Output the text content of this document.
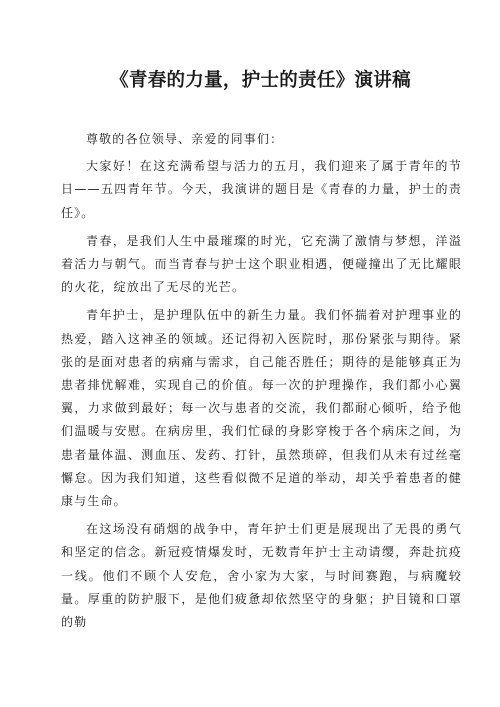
《青春的力量，护士的责任》演讲稿
尊敬的各位领导、亲爱的同事们：
大家好！在这充满希望与活力的五月，我们迎来了属于青年的节日——五四青年节。今天，我演讲的题目是《青春的力量，护士的责任》。
青春，是我们人生中最璀璨的时光，它充满了激情与梦想，洋溢着活力与朝气。而当青春与护士这个职业相遇，便碰撞出了无比耀眼的火花，绽放出了无尽的光芒。
青年护士，是护理队伍中的新生力量。我们怀揣着对护理事业的热爱，踏入这神圣的领域。还记得初入医院时，那份紧张与期待。紧张的是面对患者的病痛与需求，自己能否胜任；期待的是能够真正为患者排忧解难，实现自己的价值。每一次的护理操作，我们都小心翼翼，力求做到最好；每一次与患者的交流，我们都耐心倾听，给予他们温暖与安慰。在病房里，我们忙碌的身影穿梭于各个病床之间，为患者量体温、测血压、发药、打针，虽然琐碎，但我们从未有过丝毫懈怠。因为我们知道，这些看似微不足道的举动，却关乎着患者的健康与生命。
在这场没有硝烟的战争中，青年护士们更是展现出了无畏的勇气和坚定的信念。新冠疫情爆发时，无数青年护士主动请缨，奔赴抗疫一线。他们不顾个人安危，舍小家为大家，与时间赛跑，与病魔较量。厚重的防护服下，是他们疲惫却依然坚守的身躯；护目镜和口罩的勒
